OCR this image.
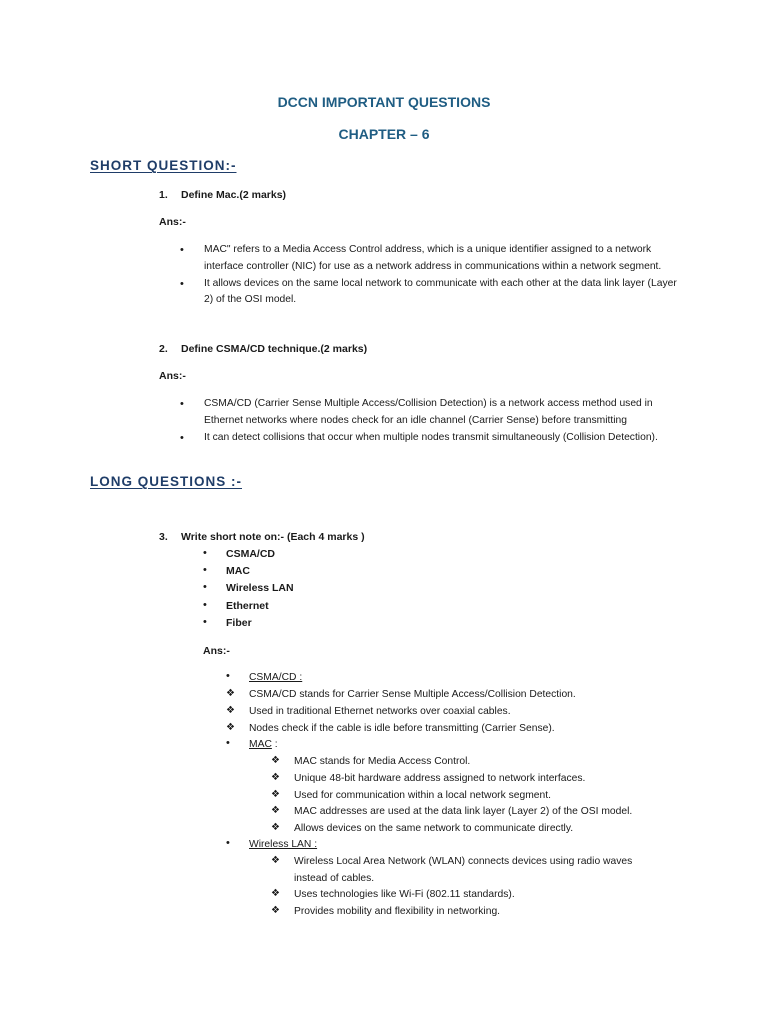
DCCN IMPORTANT QUESTIONS
CHAPTER – 6
SHORT QUESTION:-
1. Define Mac.(2 marks)
Ans:-
• MAC" refers to a Media Access Control address, which is a unique identifier assigned to a network interface controller (NIC) for use as a network address in communications within a network segment.
• It allows devices on the same local network to communicate with each other at the data link layer (Layer 2) of the OSI model.
2. Define CSMA/CD technique.(2 marks)
Ans:-
• CSMA/CD (Carrier Sense Multiple Access/Collision Detection) is a network access method used in Ethernet networks where nodes check for an idle channel (Carrier Sense) before transmitting
• It can detect collisions that occur when multiple nodes transmit simultaneously (Collision Detection).
LONG QUESTIONS :-
3. Write short note on:- (Each 4 marks )
• CSMA/CD
• MAC
• Wireless LAN
• Ethernet
• Fiber
Ans:-
• CSMA/CD :
❖ CSMA/CD stands for Carrier Sense Multiple Access/Collision Detection.
❖ Used in traditional Ethernet networks over coaxial cables.
❖ Nodes check if the cable is idle before transmitting (Carrier Sense).
• MAC :
❖ MAC stands for Media Access Control.
❖ Unique 48-bit hardware address assigned to network interfaces.
❖ Used for communication within a local network segment.
❖ MAC addresses are used at the data link layer (Layer 2) of the OSI model.
❖ Allows devices on the same network to communicate directly.
• Wireless LAN :
❖ Wireless Local Area Network (WLAN) connects devices using radio waves instead of cables.
❖ Uses technologies like Wi-Fi (802.11 standards).
❖ Provides mobility and flexibility in networking.
